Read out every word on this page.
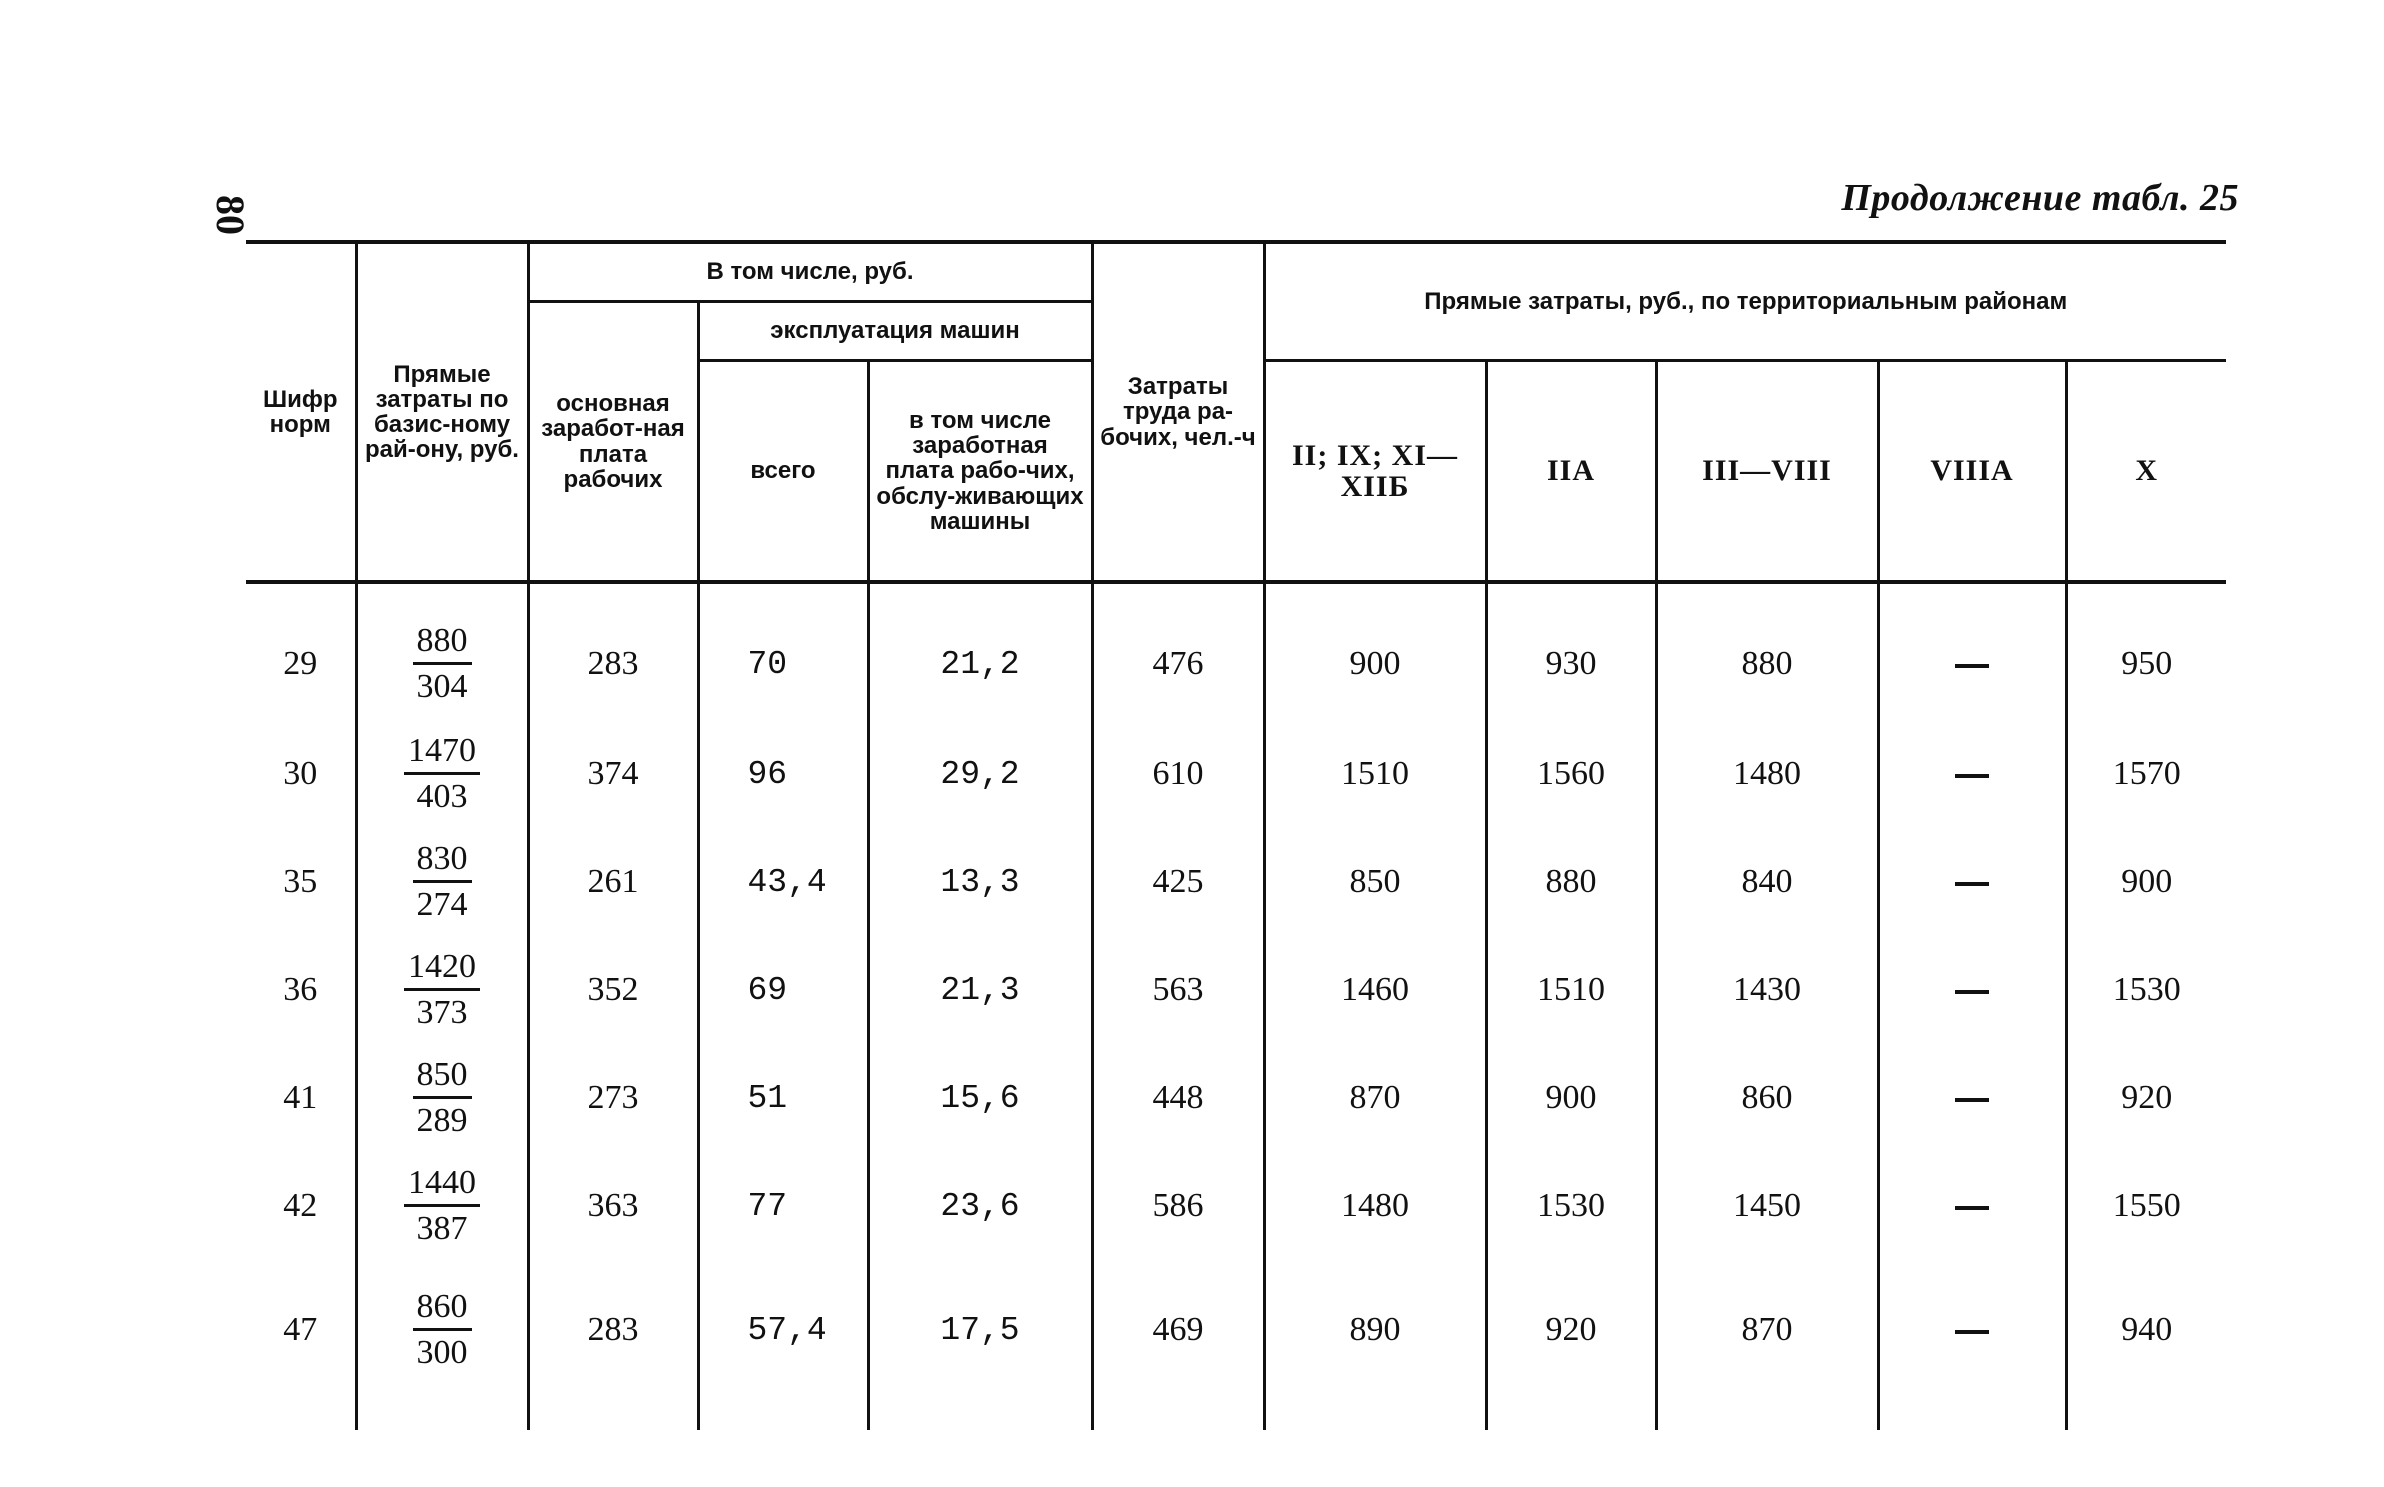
80	Продолжение табл. 25
Шифр норм	Прямые затраты по базис-ному рай-ону, руб.	В том числе, руб.			Затраты труда ра-бочих, чел.-ч	Прямые затраты, руб., по территориальным районам				
		основная заработ-ная плата рабочих	эксплуатация машин							
			всего	в том числе заработная плата рабо-чих, обслу-живающих машины		II; IX; XI—XIIБ	IIА	III—VIII	VIIIА	X
29	$\frac{880}{304}$	283	70	21,2	476	900	930	880		950
30	$\frac{1470}{403}$	374	96	29,2	610	1510	1560	1480		1570
35	$\frac{830}{274}$	261	43,4	13,3	425	850	880	840		900
36	$\frac{1420}{373}$	352	69	21,3	563	1460	1510	1430		1530
41	$\frac{850}{289}$	273	51	15,6	448	870	900	860		920
42	$\frac{1440}{387}$	363	77	23,6	586	1480	1530	1450		1550
47	$\frac{860}{300}$	283	57,4	17,5	469	890	920	870		940
